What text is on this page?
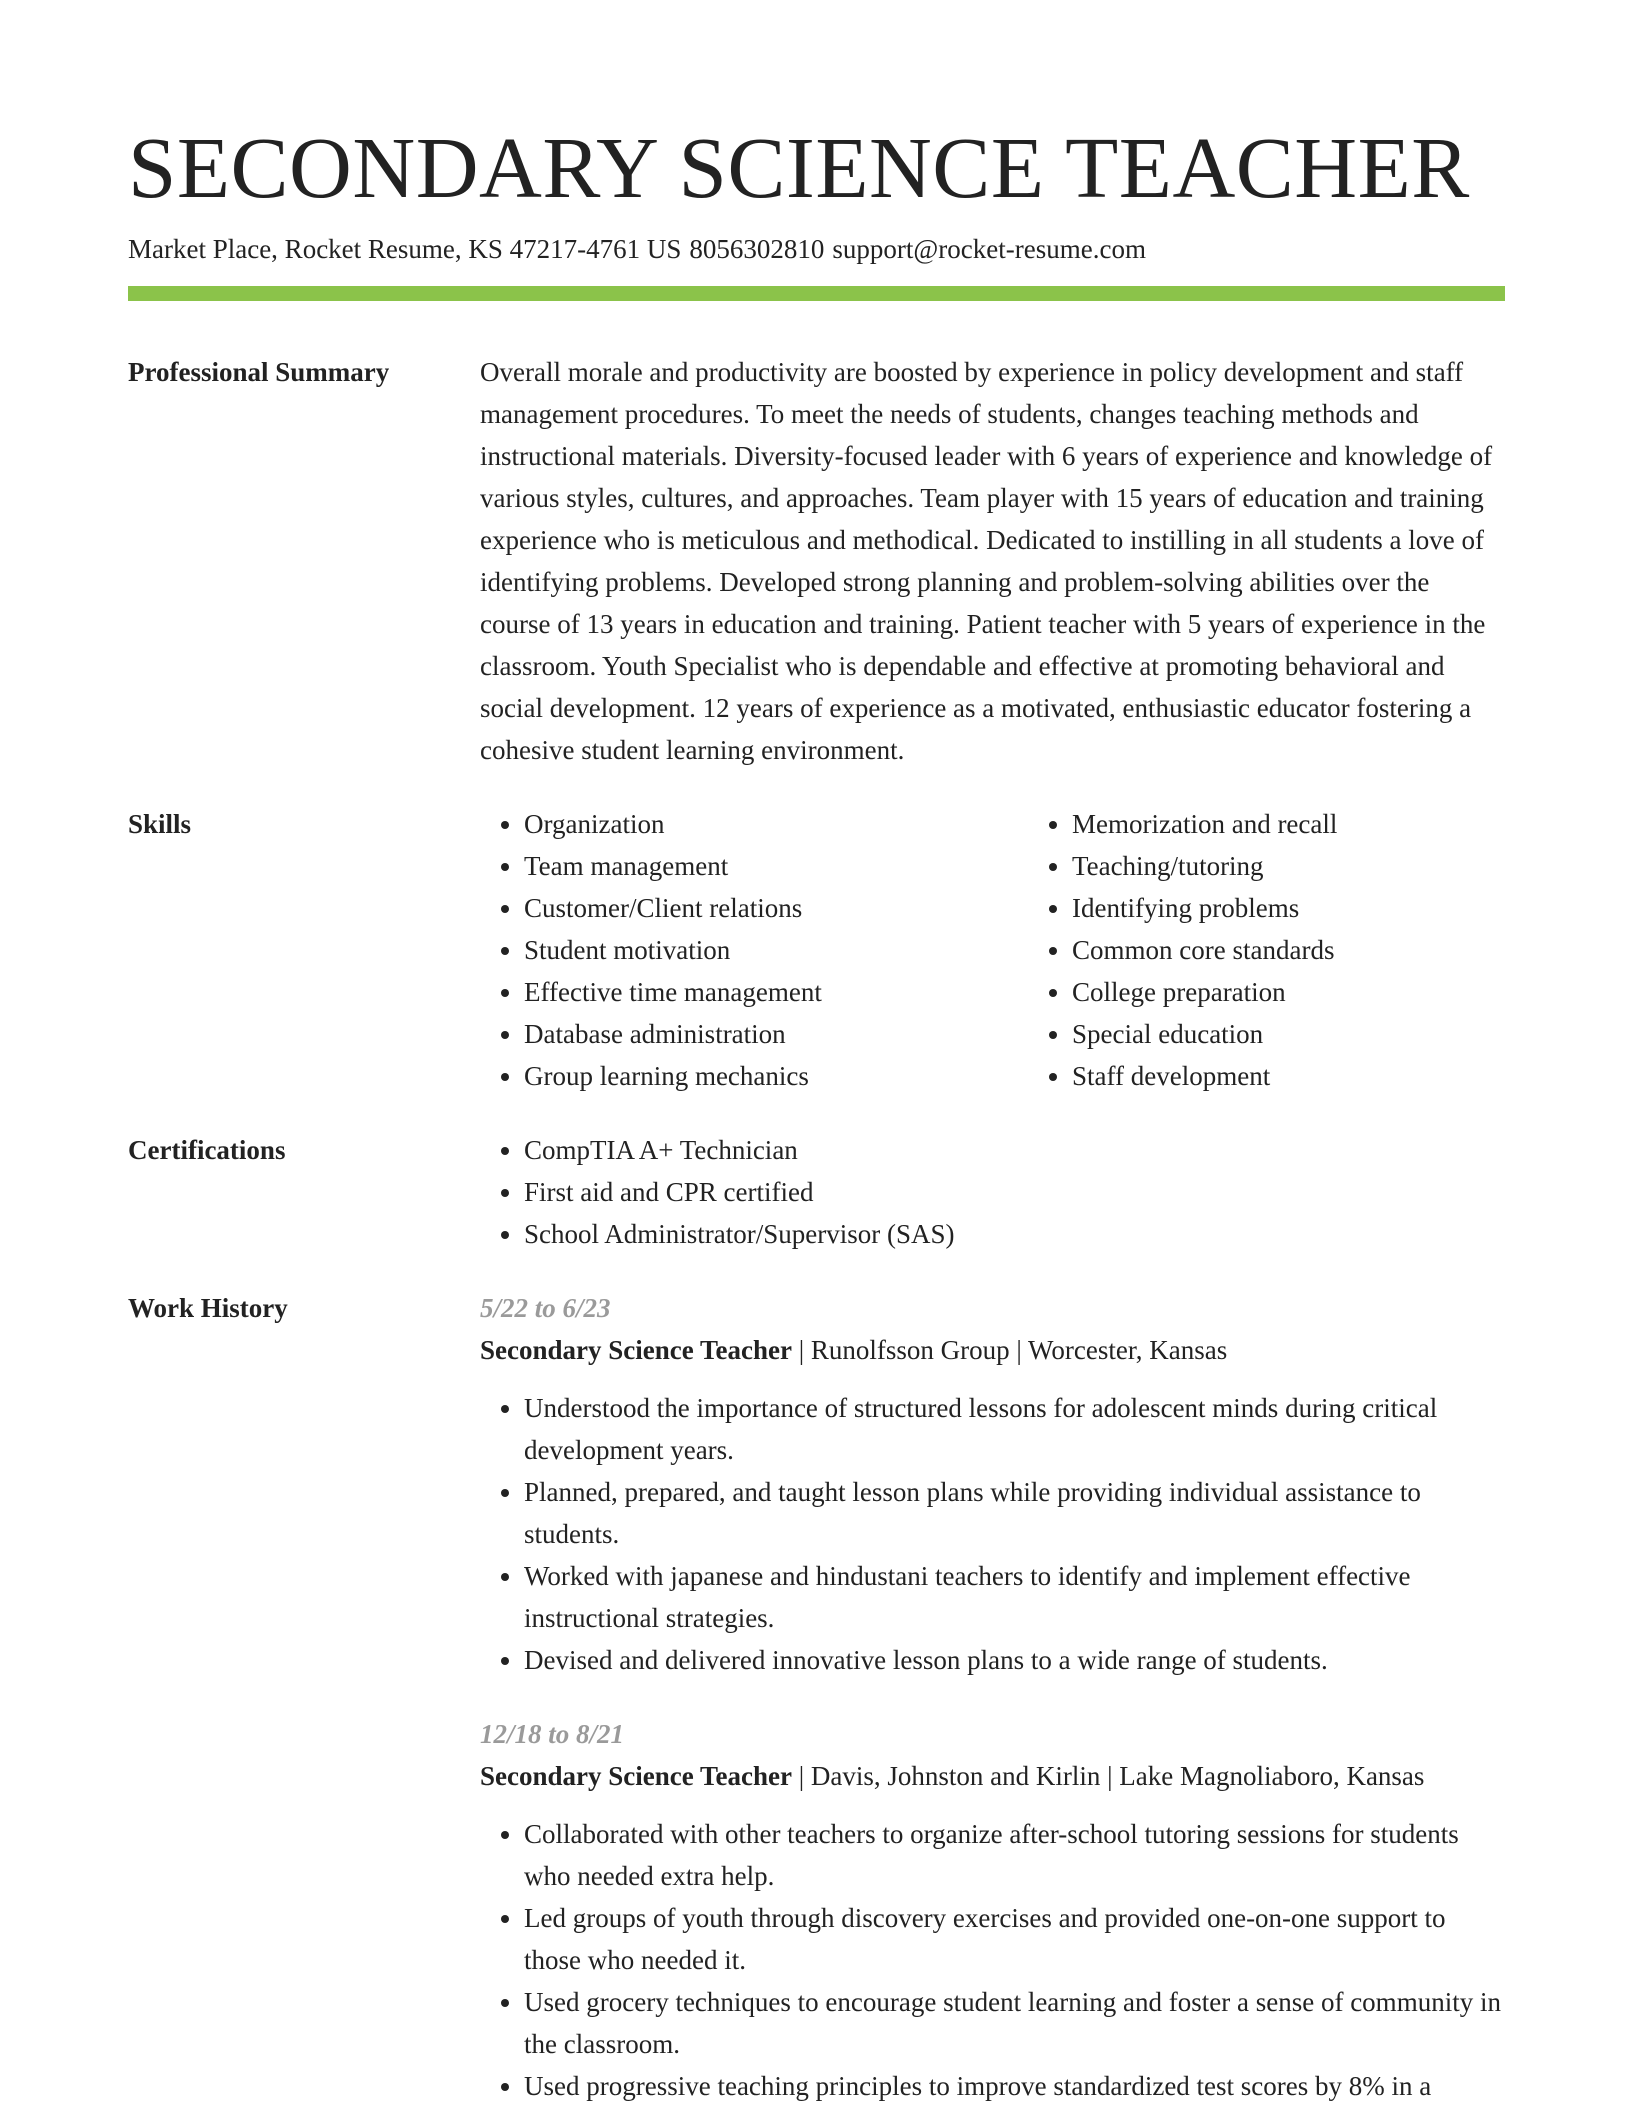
SECONDARY SCIENCE TEACHER
Market Place, Rocket Resume, KS 47217-4761 US 8056302810 support@rocket-resume.com
Professional Summary	Overall morale and productivity are boosted by experience in policy development and staff management procedures. To meet the needs of students, changes teaching methods and instructional materials. Diversity-focused leader with 6 years of experience and knowledge of various styles, cultures, and approaches. Team player with 15 years of education and training experience who is meticulous and methodical. Dedicated to instilling in all students a love of identifying problems. Developed strong planning and problem-solving abilities over the course of 13 years in education and training. Patient teacher with 5 years of experience in the classroom. Youth Specialist who is dependable and effective at promoting behavioral and social development. 12 years of experience as a motivated, enthusiastic educator fostering a cohesive student learning environment.
Skills	• Organization
• Team management
• Customer/Client relations
• Student motivation
• Effective time management
• Database administration
• Group learning mechanics
• Memorization and recall
• Teaching/tutoring
• Identifying problems
• Common core standards
• College preparation
• Special education
• Staff development
Certifications	• CompTIA A+ Technician
• First aid and CPR certified
• School Administrator/Supervisor (SAS)
Work History	5/22 to 6/23
Secondary Science Teacher | Runolfsson Group | Worcester, Kansas
• Understood the importance of structured lessons for adolescent minds during critical development years.
• Planned, prepared, and taught lesson plans while providing individual assistance to students.
• Worked with japanese and hindustani teachers to identify and implement effective instructional strategies.
• Devised and delivered innovative lesson plans to a wide range of students.
12/18 to 8/21
Secondary Science Teacher | Davis, Johnston and Kirlin | Lake Magnoliaboro, Kansas
• Collaborated with other teachers to organize after-school tutoring sessions for students who needed extra help.
• Led groups of youth through discovery exercises and provided one-on-one support to those who needed it.
• Used grocery techniques to encourage student learning and foster a sense of community in the classroom.
• Used progressive teaching principles to improve standardized test scores by 8% in a
